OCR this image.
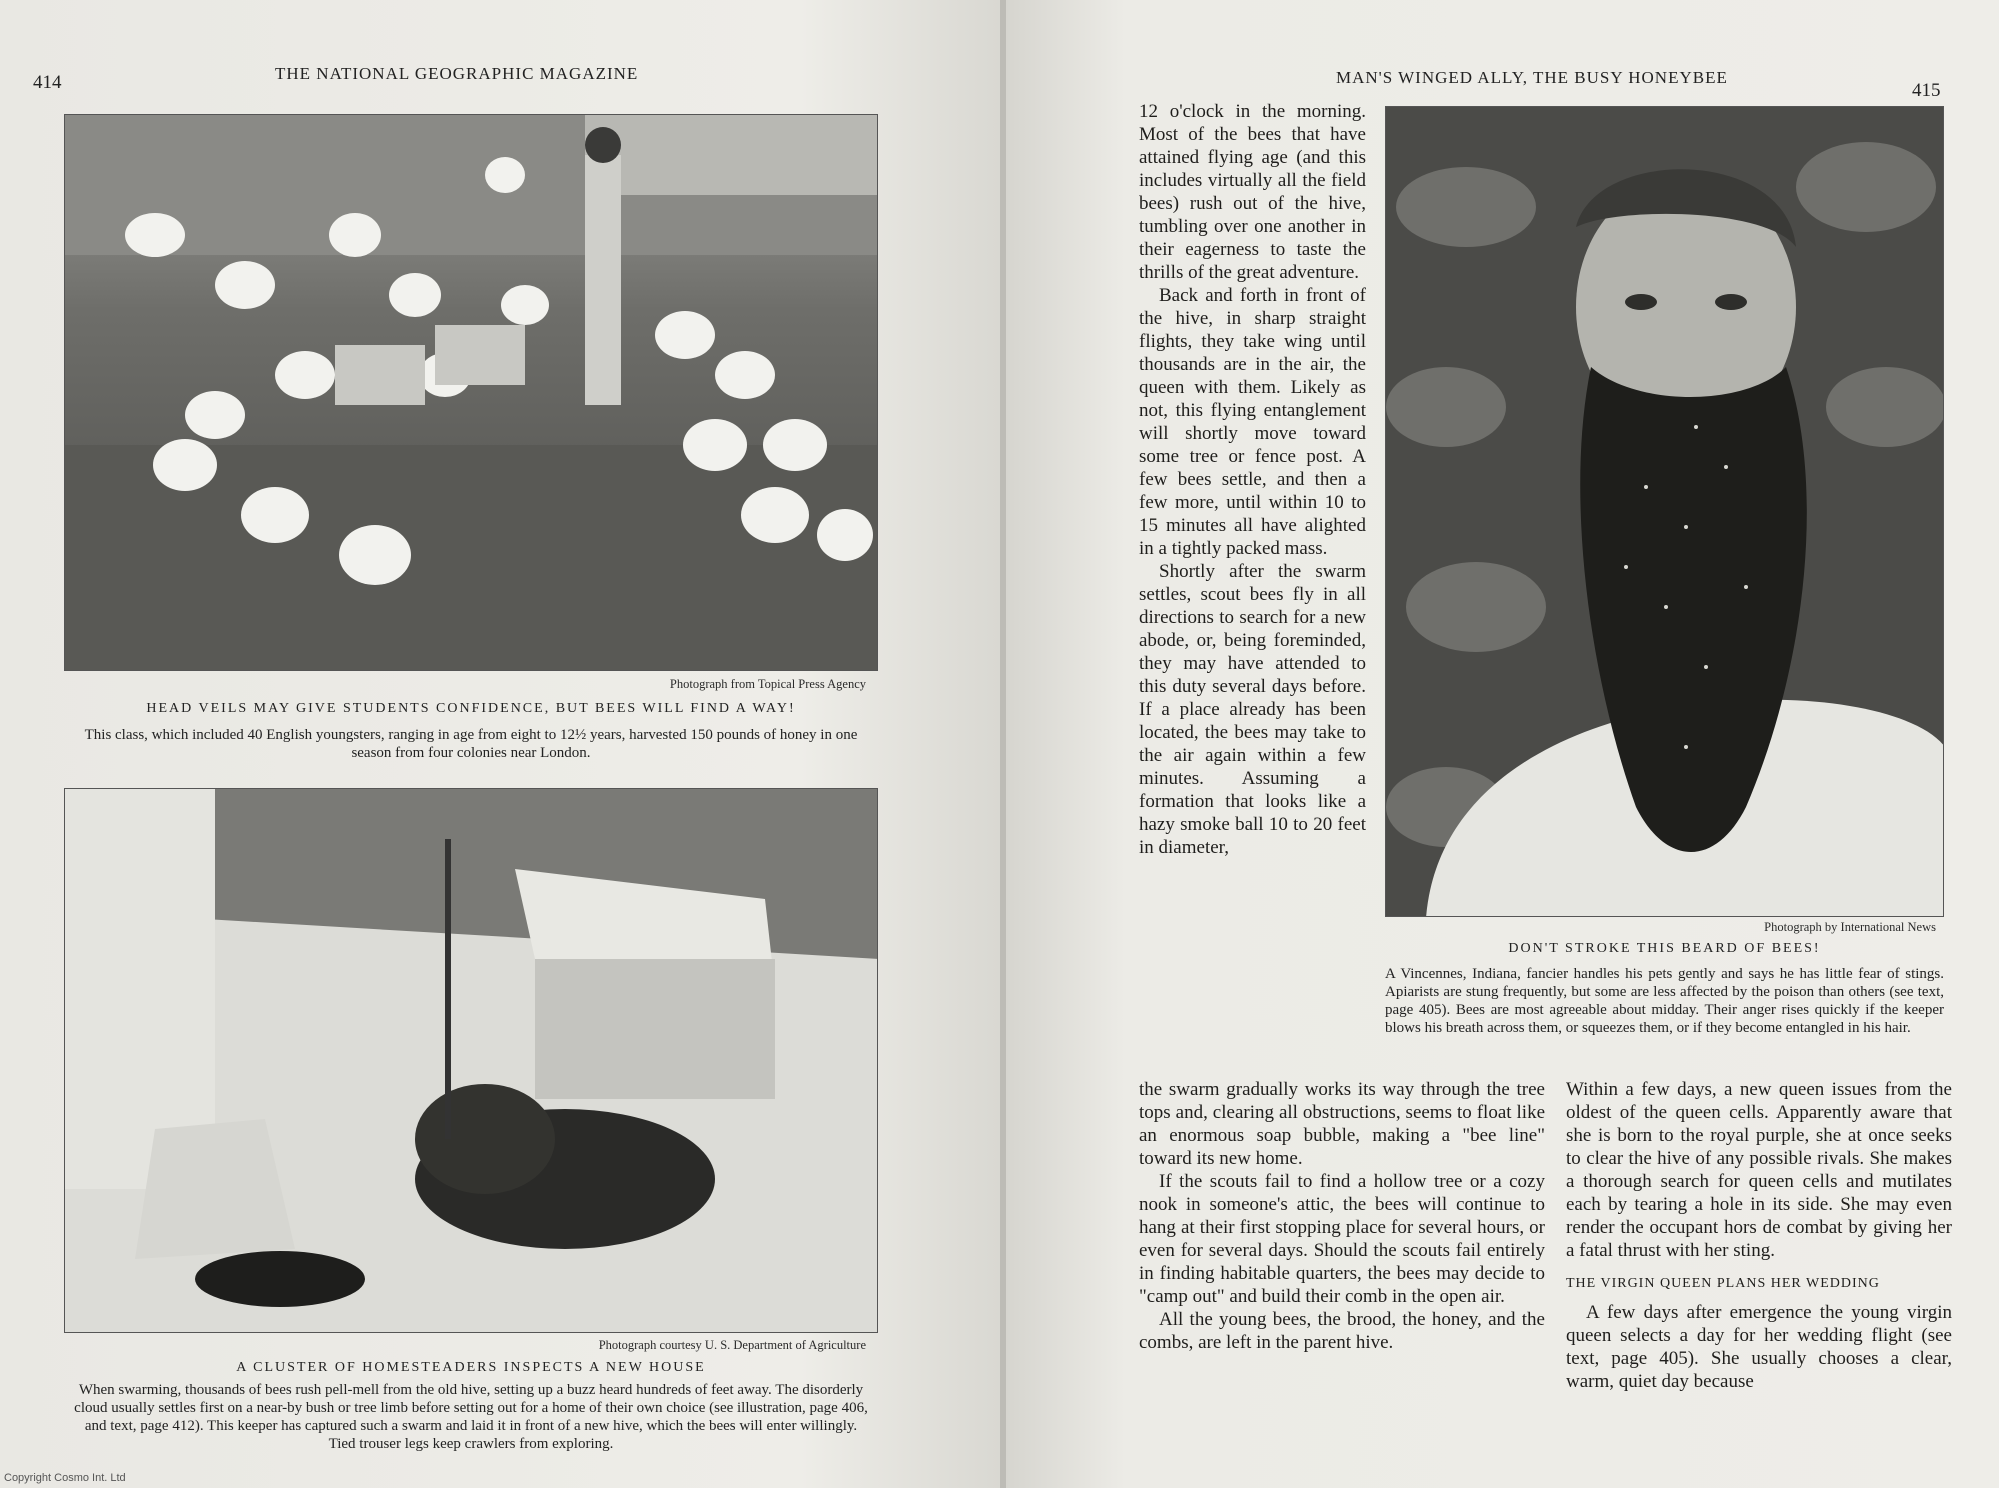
414	THE NATIONAL GEOGRAPHIC MAGAZINE
Photograph from Topical Press Agency
HEAD VEILS MAY GIVE STUDENTS CONFIDENCE, BUT BEES WILL FIND A WAY!
This class, which included 40 English youngsters, ranging in age from eight to 12½ years, harvested 150 pounds of honey in one season from four colonies near London.
Photograph courtesy U. S. Department of Agriculture
A CLUSTER OF HOMESTEADERS INSPECTS A NEW HOUSE
When swarming, thousands of bees rush pell-mell from the old hive, setting up a buzz heard hundreds of feet away. The disorderly cloud usually settles first on a near-by bush or tree limb before setting out for a home of their own choice (see illustration, page 406, and text, page 412). This keeper has captured such a swarm and laid it in front of a new hive, which the bees will enter willingly. Tied trouser legs keep crawlers from exploring.
Copyright Cosmo Int. Ltd
MAN'S WINGED ALLY, THE BUSY HONEYBEE
415

12 o'clock in the morning. Most of the bees that have attained flying age (and this includes virtually all the field bees) rush out of the hive, tumbling over one another in their eagerness to taste the thrills of the great adventure.

Back and forth in front of the hive, in sharp straight flights, they take wing until thousands are in the air, the queen with them. Likely as not, this flying entanglement will shortly move toward some tree or fence post. A few bees settle, and then a few more, until within 10 to 15 minutes all have alighted in a tightly packed mass.

Shortly after the swarm settles, scout bees fly in all directions to search for a new abode, or, being foreminded, they may have attended to this duty several days before. If a place already has been located, the bees may take to the air again within a few minutes. Assuming a formation that looks like a hazy smoke ball 10 to 20 feet in diameter,

Photograph by International News
DON'T STROKE THIS BEARD OF BEES!
A Vincennes, Indiana, fancier handles his pets gently and says he has little fear of stings. Apiarists are stung frequently, but some are less affected by the poison than others (see text, page 405). Bees are most agreeable about midday. Their anger rises quickly if the keeper blows his breath across them, or squeezes them, or if they become entangled in his hair.

the swarm gradually works its way through the tree tops and, clearing all obstructions, seems to float like an enormous soap bubble, making a "bee line" toward its new home.

If the scouts fail to find a hollow tree or a cozy nook in someone's attic, the bees will continue to hang at their first stopping place for several hours, or even for several days. Should the scouts fail entirely in finding habitable quarters, the bees may decide to "camp out" and build their comb in the open air.

All the young bees, the brood, the honey, and the combs, are left in the parent hive.

Within a few days, a new queen issues from the oldest of the queen cells. Apparently aware that she is born to the royal purple, she at once seeks to clear the hive of any possible rivals. She makes a thorough search for queen cells and mutilates each by tearing a hole in its side. She may even render the occupant hors de combat by giving her a fatal thrust with her sting.

THE VIRGIN QUEEN PLANS HER WEDDING

A few days after emergence the young virgin queen selects a day for her wedding flight (see text, page 405). She usually chooses a clear, warm, quiet day because
